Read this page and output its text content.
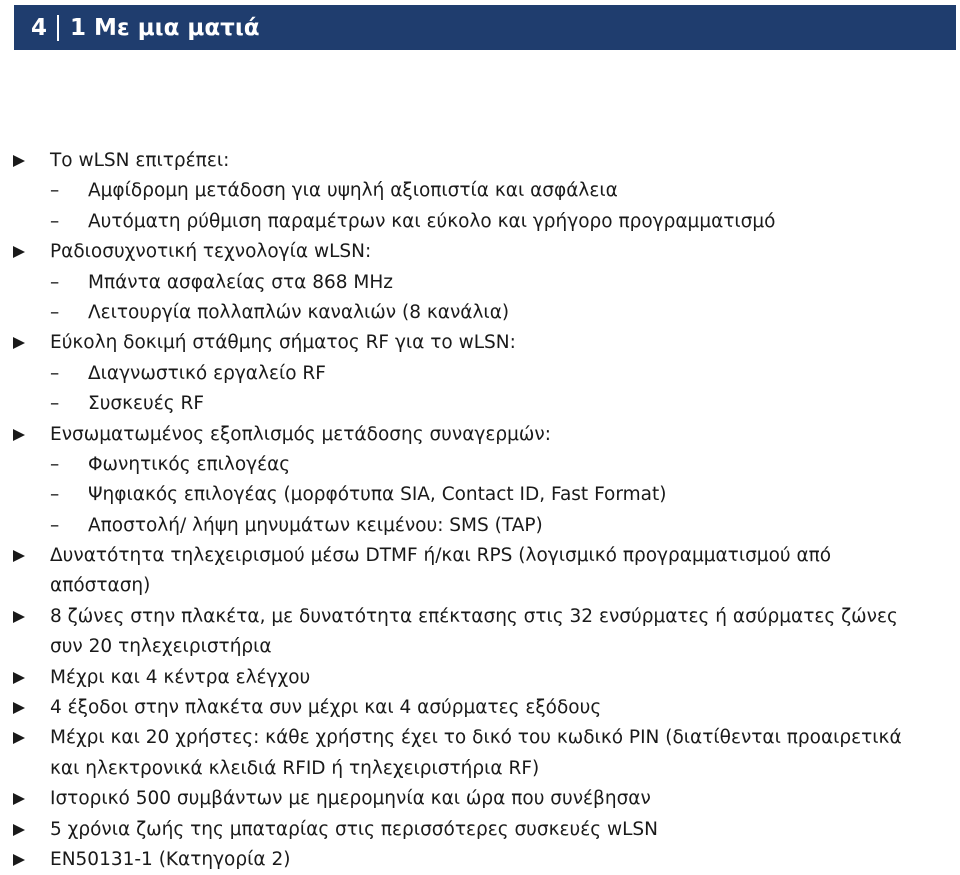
4 1 Με μια ματιά
Το wLSN επιτρέπει:
– Αμφίδρομη μετάδοση για υψηλή αξιοπιστία και ασφάλεια
– Αυτόματη ρύθμιση παραμέτρων και εύκολο και γρήγορο προγραμματισμό
Ραδιοσυχνοτική τεχνολογία wLSN:
– Μπάντα ασφαλείας στα 868 MHz
– Λειτουργία πολλαπλών καναλιών (8 κανάλια)
Εύκολη δοκιμή στάθμης σήματος RF για το wLSN:
– Διαγνωστικό εργαλείο RF
– Συσκευές RF
Ενσωματωμένος εξοπλισμός μετάδοσης συναγερμών:
– Φωνητικός επιλογέας
– Ψηφιακός επιλογέας (μορφότυπα SIA, Contact ID, Fast Format)
– Αποστολή/ λήψη μηνυμάτων κειμένου: SMS (TAP)
Δυνατότητα τηλεχειρισμού μέσω DTMF ή/και RPS (λογισμικό προγραμματισμού από
απόσταση)
8 ζώνες στην πλακέτα, με δυνατότητα επέκτασης στις 32 ενσύρματες ή ασύρματες ζώνες
συν 20 τηλεχειριστήρια
Μέχρι και 4 κέντρα ελέγχου
4 έξοδοι στην πλακέτα συν μέχρι και 4 ασύρματες εξόδους
Μέχρι και 20 χρήστες: κάθε χρήστης έχει το δικό του κωδικό PIN (διατίθενται προαιρετικά
και ηλεκτρονικά κλειδιά RFID ή τηλεχειριστήρια RF)
Ιστορικό 500 συμβάντων με ημερομηνία και ώρα που συνέβησαν
5 χρόνια ζωής της μπαταρίας στις περισσότερες συσκευές wLSN
EN50131-1 (Κατηγορία 2)
